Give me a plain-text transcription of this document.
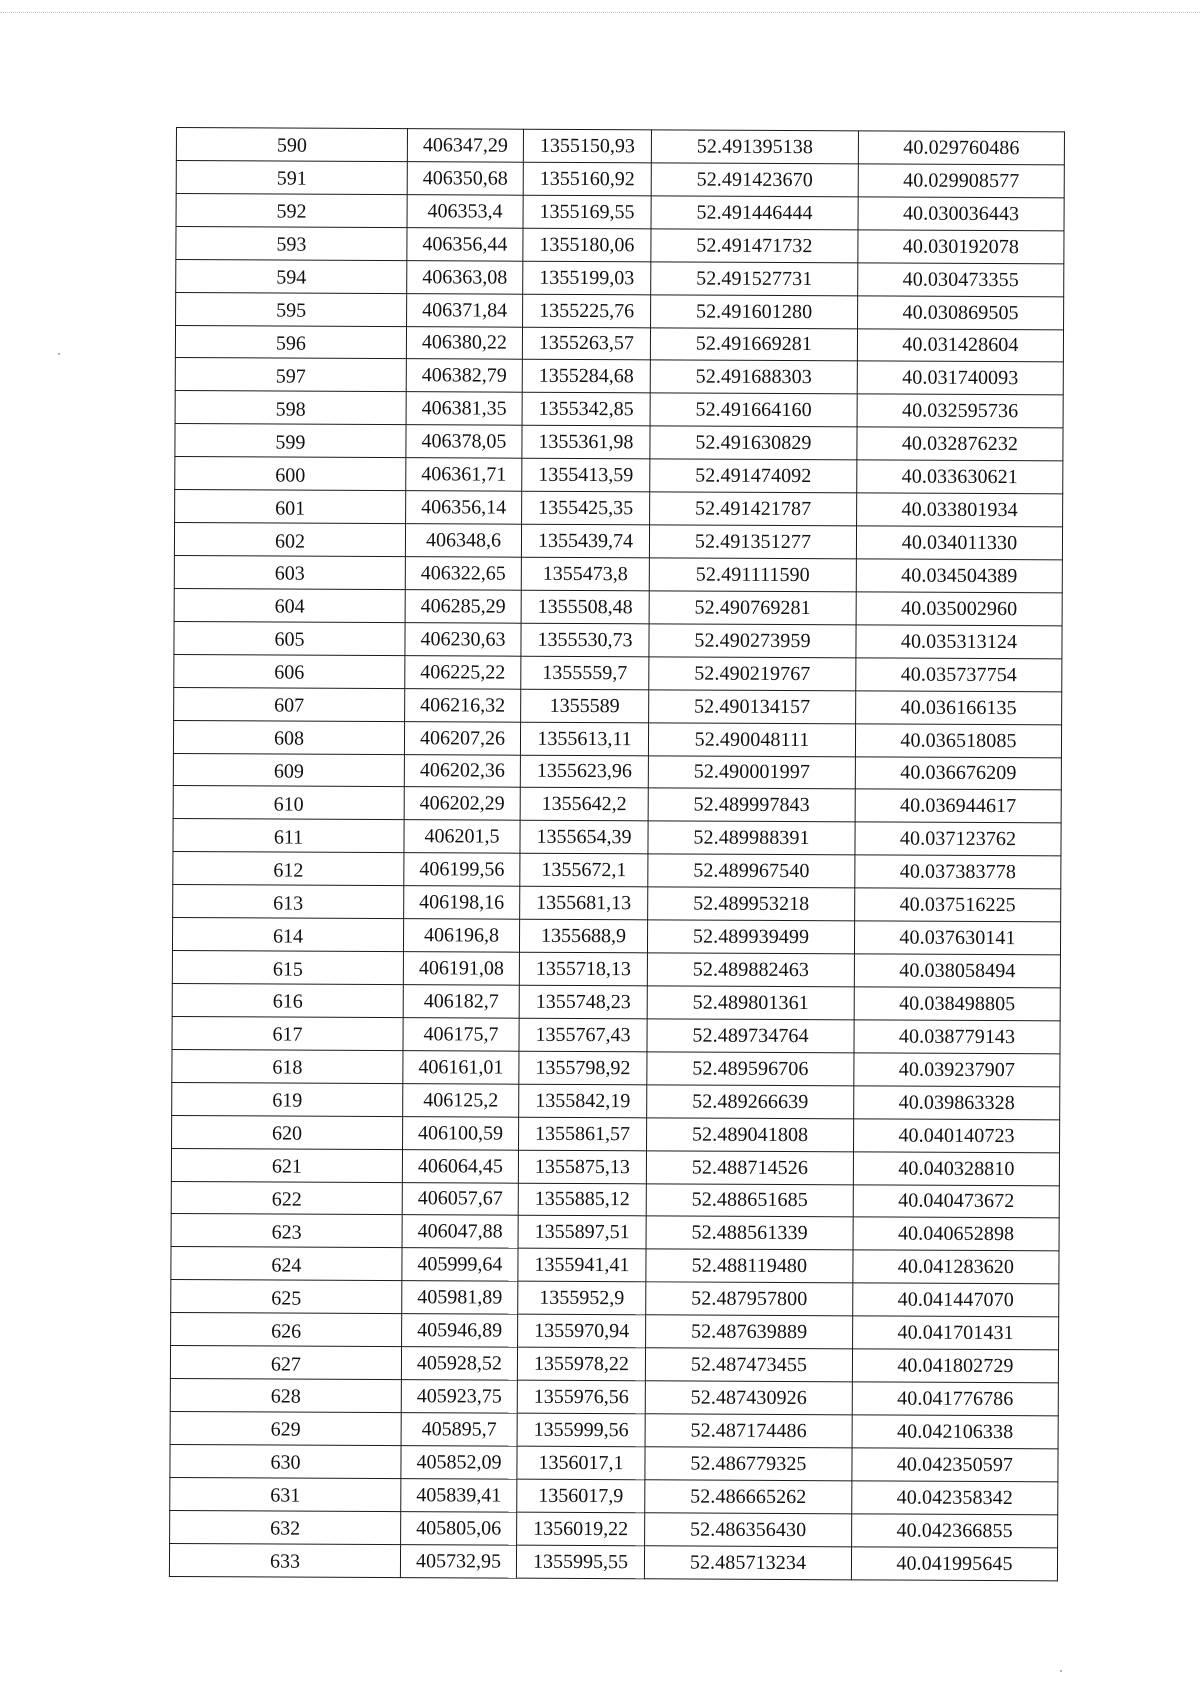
590	406347,29	1355150,93	52.491395138	40.029760486
591	406350,68	1355160,92	52.491423670	40.029908577
592	406353,4	1355169,55	52.491446444	40.030036443
593	406356,44	1355180,06	52.491471732	40.030192078
594	406363,08	1355199,03	52.491527731	40.030473355
595	406371,84	1355225,76	52.491601280	40.030869505
596	406380,22	1355263,57	52.491669281	40.031428604
597	406382,79	1355284,68	52.491688303	40.031740093
598	406381,35	1355342,85	52.491664160	40.032595736
599	406378,05	1355361,98	52.491630829	40.032876232
600	406361,71	1355413,59	52.491474092	40.033630621
601	406356,14	1355425,35	52.491421787	40.033801934
602	406348,6	1355439,74	52.491351277	40.034011330
603	406322,65	1355473,8	52.491111590	40.034504389
604	406285,29	1355508,48	52.490769281	40.035002960
605	406230,63	1355530,73	52.490273959	40.035313124
606	406225,22	1355559,7	52.490219767	40.035737754
607	406216,32	1355589	52.490134157	40.036166135
608	406207,26	1355613,11	52.490048111	40.036518085
609	406202,36	1355623,96	52.490001997	40.036676209
610	406202,29	1355642,2	52.489997843	40.036944617
611	406201,5	1355654,39	52.489988391	40.037123762
612	406199,56	1355672,1	52.489967540	40.037383778
613	406198,16	1355681,13	52.489953218	40.037516225
614	406196,8	1355688,9	52.489939499	40.037630141
615	406191,08	1355718,13	52.489882463	40.038058494
616	406182,7	1355748,23	52.489801361	40.038498805
617	406175,7	1355767,43	52.489734764	40.038779143
618	406161,01	1355798,92	52.489596706	40.039237907
619	406125,2	1355842,19	52.489266639	40.039863328
620	406100,59	1355861,57	52.489041808	40.040140723
621	406064,45	1355875,13	52.488714526	40.040328810
622	406057,67	1355885,12	52.488651685	40.040473672
623	406047,88	1355897,51	52.488561339	40.040652898
624	405999,64	1355941,41	52.488119480	40.041283620
625	405981,89	1355952,9	52.487957800	40.041447070
626	405946,89	1355970,94	52.487639889	40.041701431
627	405928,52	1355978,22	52.487473455	40.041802729
628	405923,75	1355976,56	52.487430926	40.041776786
629	405895,7	1355999,56	52.487174486	40.042106338
630	405852,09	1356017,1	52.486779325	40.042350597
631	405839,41	1356017,9	52.486665262	40.042358342
632	405805,06	1356019,22	52.486356430	40.042366855
633	405732,95	1355995,55	52.485713234	40.041995645
